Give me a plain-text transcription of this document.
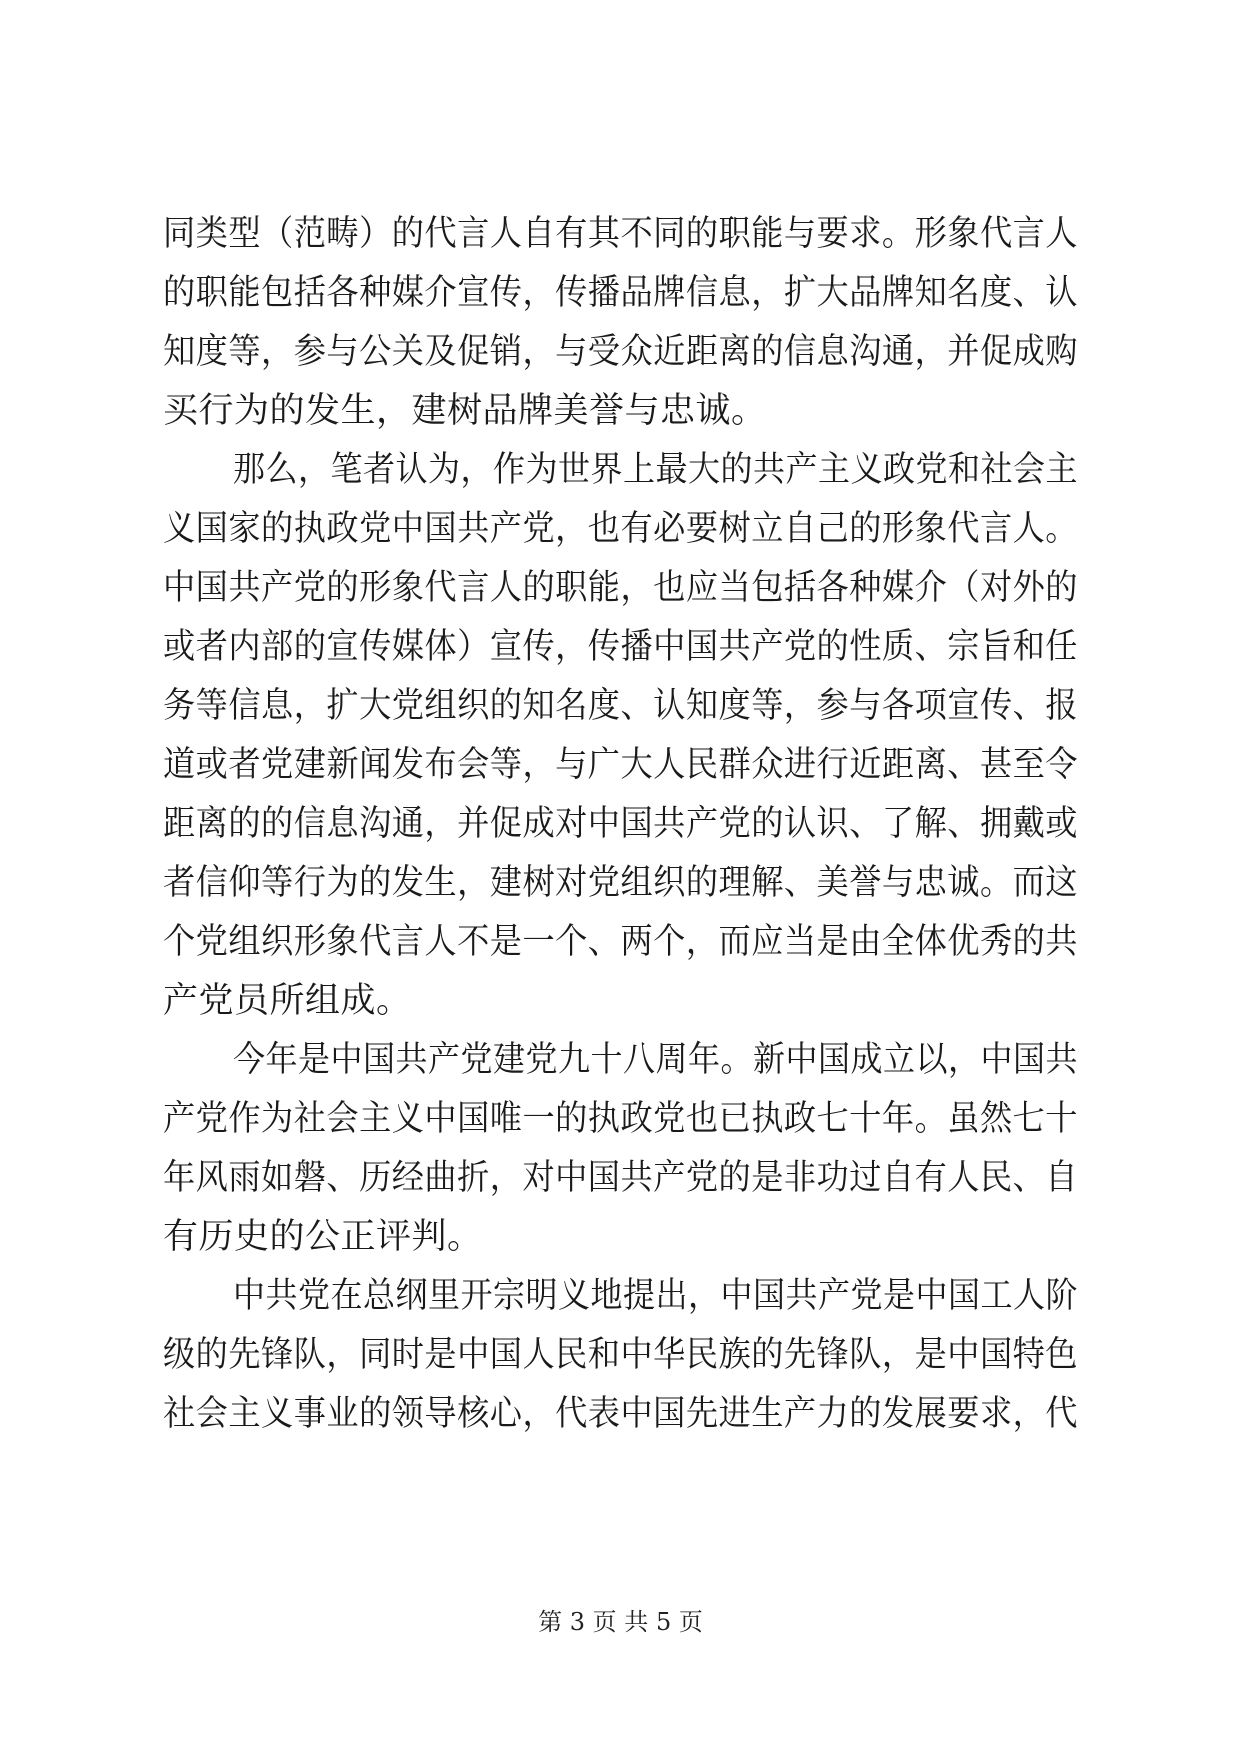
同类型（范畴）的代言人自有其不同的职能与要求。形象代言人
的职能包括各种媒介宣传，传播品牌信息，扩大品牌知名度、认
知度等，参与公关及促销，与受众近距离的信息沟通，并促成购
买行为的发生，建树品牌美誉与忠诚。
那么，笔者认为，作为世界上最大的共产主义政党和社会主
义国家的执政党中国共产党，也有必要树立自己的形象代言人。
中国共产党的形象代言人的职能，也应当包括各种媒介（对外的
或者内部的宣传媒体）宣传，传播中国共产党的性质、宗旨和任
务等信息，扩大党组织的知名度、认知度等，参与各项宣传、报
道或者党建新闻发布会等，与广大人民群众进行近距离、甚至令
距离的的信息沟通，并促成对中国共产党的认识、了解、拥戴或
者信仰等行为的发生，建树对党组织的理解、美誉与忠诚。而这
个党组织形象代言人不是一个、两个，而应当是由全体优秀的共
产党员所组成。
今年是中国共产党建党九十八周年。新中国成立以，中国共
产党作为社会主义中国唯一的执政党也已执政七十年。虽然七十
年风雨如磐、历经曲折，对中国共产党的是非功过自有人民、自
有历史的公正评判。
中共党在总纲里开宗明义地提出，中国共产党是中国工人阶
级的先锋队，同时是中国人民和中华民族的先锋队，是中国特色
社会主义事业的领导核心，代表中国先进生产力的发展要求，代
第 3 页 共 5 页
